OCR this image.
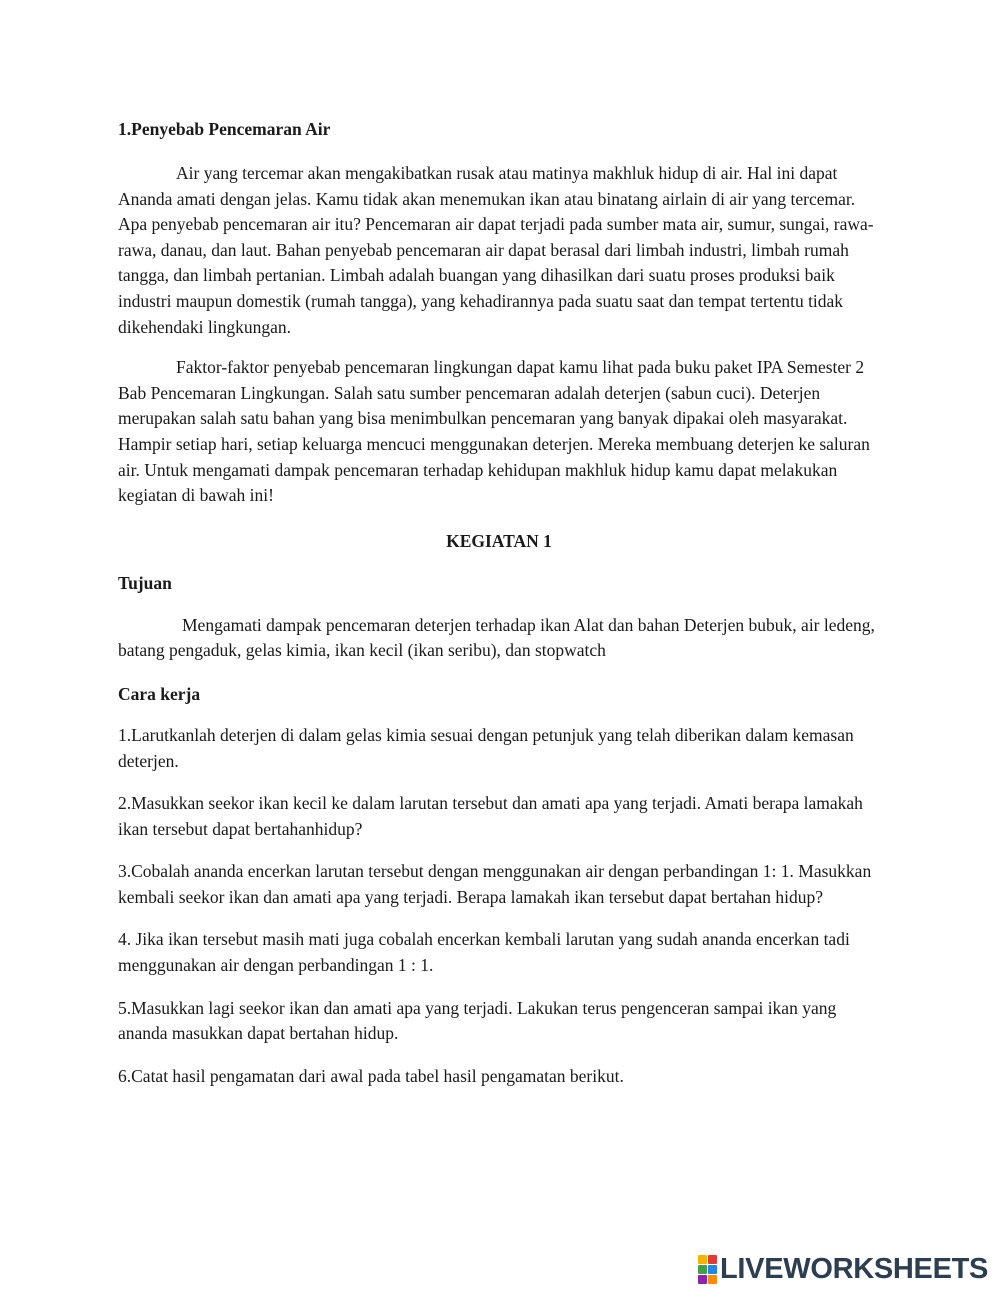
1.Penyebab Pencemaran Air

Air yang tercemar akan mengakibatkan rusak atau matinya makhluk hidup di air. Hal ini dapat Ananda amati dengan jelas. Kamu tidak akan menemukan ikan atau binatang airlain di air yang tercemar. Apa penyebab pencemaran air itu? Pencemaran air dapat terjadi pada sumber mata air, sumur, sungai, rawa-rawa, danau, dan laut. Bahan penyebab pencemaran air dapat berasal dari limbah industri, limbah rumah tangga, dan limbah pertanian. Limbah adalah buangan yang dihasilkan dari suatu proses produksi baik industri maupun domestik (rumah tangga), yang kehadirannya pada suatu saat dan tempat tertentu tidak dikehendaki lingkungan.

Faktor-faktor penyebab pencemaran lingkungan dapat kamu lihat pada buku paket IPA Semester 2 Bab Pencemaran Lingkungan. Salah satu sumber pencemaran adalah deterjen (sabun cuci). Deterjen merupakan salah satu bahan yang bisa menimbulkan pencemaran yang banyak dipakai oleh masyarakat. Hampir setiap hari, setiap keluarga mencuci menggunakan deterjen. Mereka membuang deterjen ke saluran air. Untuk mengamati dampak pencemaran terhadap kehidupan makhluk hidup kamu dapat melakukan kegiatan di bawah ini!

KEGIATAN 1

Tujuan

Mengamati dampak pencemaran deterjen terhadap ikan Alat dan bahan Deterjen bubuk, air ledeng, batang pengaduk, gelas kimia, ikan kecil (ikan seribu), dan stopwatch

Cara kerja

1.Larutkanlah deterjen di dalam gelas kimia sesuai dengan petunjuk yang telah diberikan dalam kemasan deterjen.

2.Masukkan seekor ikan kecil ke dalam larutan tersebut dan amati apa yang terjadi. Amati berapa lamakah ikan tersebut dapat bertahanhidup?

3.Cobalah ananda encerkan larutan tersebut dengan menggunakan air dengan perbandingan 1: 1. Masukkan kembali seekor ikan dan amati apa yang terjadi. Berapa lamakah ikan tersebut dapat bertahan hidup?

4. Jika ikan tersebut masih mati juga cobalah encerkan kembali larutan yang sudah ananda encerkan tadi menggunakan air dengan perbandingan 1 : 1.

5.Masukkan lagi seekor ikan dan amati apa yang terjadi. Lakukan terus pengenceran sampai ikan yang ananda masukkan dapat bertahan hidup.

6.Catat hasil pengamatan dari awal pada tabel hasil pengamatan berikut.

LIVEWORKSHEETS
